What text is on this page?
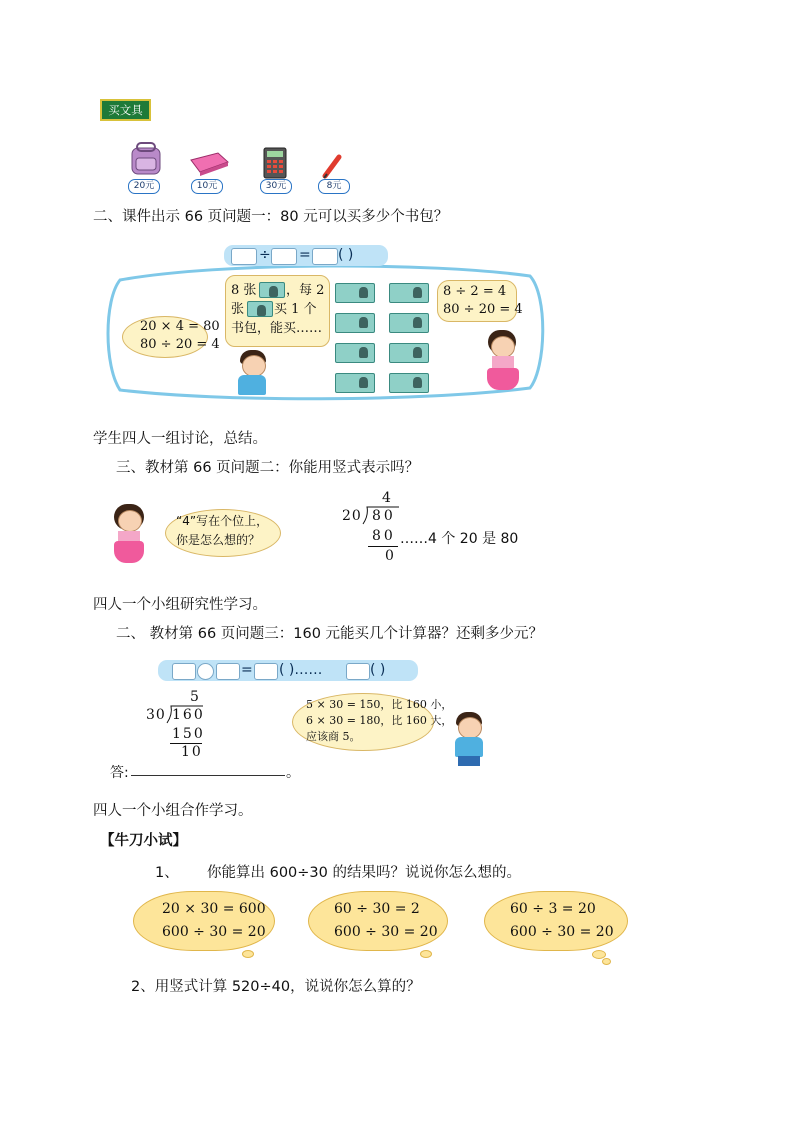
买文具
20元	10元	30元	8元
二、课件出示 66 页问题一：80 元可以买多少个书包？
÷ = ( )
20 × 4 = 80
80 ÷ 20 = 4
8 张 ，每 2
张 买 1 个
书包，能买……
8 ÷ 2 = 4
80 ÷ 20 = 4
学生四人一组讨论，总结。
三、教材第 66 页问题二：你能用竖式表示吗？
“4”写在个位上，
你是怎么想的？
4
20 80
80
0
……4 个 20 是 80
四人一个小组研究性学习。
二、 教材第 66 页问题三：160 元能买几个计算器？还剩多少元？
= ( )……	( )
5
30 160
150
10
答:	。
5 × 30 = 150，比 160 小，
6 × 30 = 180，比 160 大，
应该商 5。
四人一个小组合作学习。
【牛刀小试】
1、 你能算出 600÷30 的结果吗？说说你怎么想的。
20 × 30 = 600
600 ÷ 30 = 20
60 ÷ 30 = 2
600 ÷ 30 = 20
60 ÷ 3 = 20
600 ÷ 30 = 20
2、用竖式计算 520÷40，说说你怎么算的？
